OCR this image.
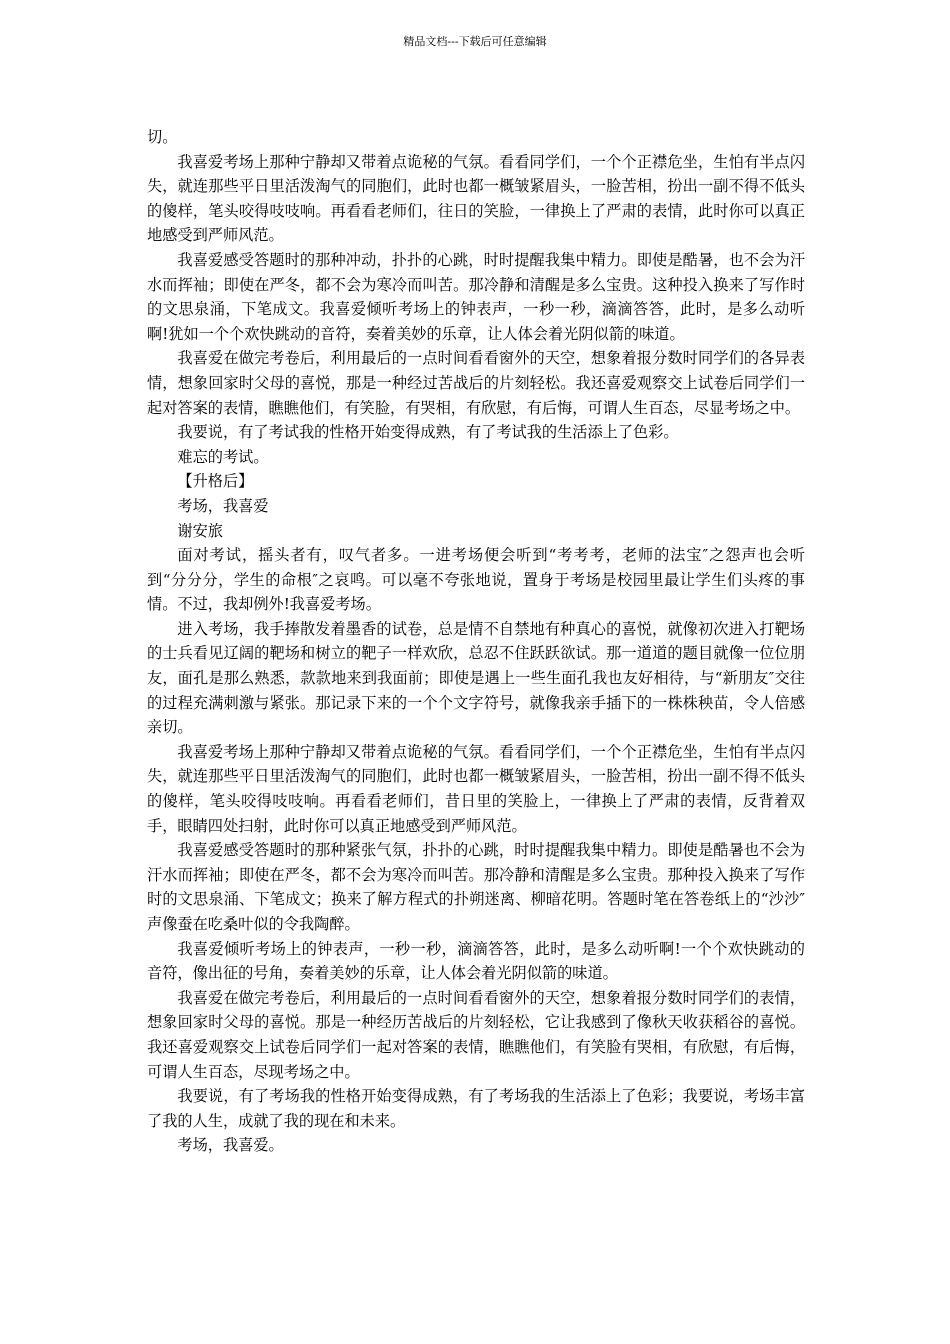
精品文档---下载后可任意编辑

切。

我喜爱考场上那种宁静却又带着点诡秘的气氛。看看同学们，一个个正襟危坐，生怕有半点闪失，就连那些平日里活泼淘气的同胞们，此时也都一概皱紧眉头，一脸苦相，扮出一副不得不低头的傻样，笔头咬得吱吱响。再看看老师们，往日的笑脸，一律换上了严肃的表情，此时你可以真正地感受到严师风范。

我喜爱感受答题时的那种冲动，扑扑的心跳，时时提醒我集中精力。即使是酷暑，也不会为汗水而挥袖；即使在严冬，都不会为寒冷而叫苦。那冷静和清醒是多么宝贵。这种投入换来了写作时的文思泉涌，下笔成文。我喜爱倾听考场上的钟表声，一秒一秒，滴滴答答，此时，是多么动听啊!犹如一个个欢快跳动的音符，奏着美妙的乐章，让人体会着光阴似箭的味道。

我喜爱在做完考卷后，利用最后的一点时间看看窗外的天空，想象着报分数时同学们的各异表情，想象回家时父母的喜悦，那是一种经过苦战后的片刻轻松。我还喜爱观察交上试卷后同学们一起对答案的表情，瞧瞧他们，有笑脸，有哭相，有欣慰，有后悔，可谓人生百态，尽显考场之中。

我要说，有了考试我的性格开始变得成熟，有了考试我的生活添上了色彩。

难忘的考试。

【升格后】

考场，我喜爱

谢安旅

面对考试，摇头者有，叹气者多。一进考场便会听到“考考考，老师的法宝″之怨声也会听到“分分分，学生的命根″之哀鸣。可以毫不夸张地说，置身于考场是校园里最让学生们头疼的事情。不过，我却例外!我喜爱考场。

进入考场，我手捧散发着墨香的试卷，总是情不自禁地有种真心的喜悦，就像初次进入打靶场的士兵看见辽阔的靶场和树立的靶子一样欢欣，总忍不住跃跃欲试。那一道道的题目就像一位位朋友，面孔是那么熟悉，款款地来到我面前；即使是遇上一些生面孔我也友好相待，与“新朋友″交往的过程充满刺激与紧张。那记录下来的一个个文字符号，就像我亲手插下的一株株秧苗，令人倍感亲切。

我喜爱考场上那种宁静却又带着点诡秘的气氛。看看同学们，一个个正襟危坐，生怕有半点闪失，就连那些平日里活泼淘气的同胞们，此时也都一概皱紧眉头，一脸苦相，扮出一副不得不低头的傻样，笔头咬得吱吱响。再看看老师们，昔日里的笑脸上，一律换上了严肃的表情，反背着双手，眼睛四处扫射，此时你可以真正地感受到严师风范。

我喜爱感受答题时的那种紧张气氛，扑扑的心跳，时时提醒我集中精力。即使是酷暑也不会为汗水而挥袖；即使在严冬，都不会为寒冷而叫苦。那冷静和清醒是多么宝贵。那种投入换来了写作时的文思泉涌、下笔成文；换来了解方程式的扑朔迷离、柳暗花明。答题时笔在答卷纸上的“沙沙″声像蚕在吃桑叶似的令我陶醉。

我喜爱倾听考场上的钟表声，一秒一秒，滴滴答答，此时，是多么动听啊!一个个欢快跳动的音符，像出征的号角，奏着美妙的乐章，让人体会着光阴似箭的味道。

我喜爱在做完考卷后，利用最后的一点时间看看窗外的天空，想象着报分数时同学们的表情，想象回家时父母的喜悦。那是一种经历苦战后的片刻轻松，它让我感到了像秋天收获稻谷的喜悦。我还喜爱观察交上试卷后同学们一起对答案的表情，瞧瞧他们，有笑脸有哭相，有欣慰，有后悔，可谓人生百态，尽现考场之中。

我要说，有了考场我的性格开始变得成熟，有了考场我的生活添上了色彩；我要说，考场丰富了我的人生，成就了我的现在和未来。

考场，我喜爱。
